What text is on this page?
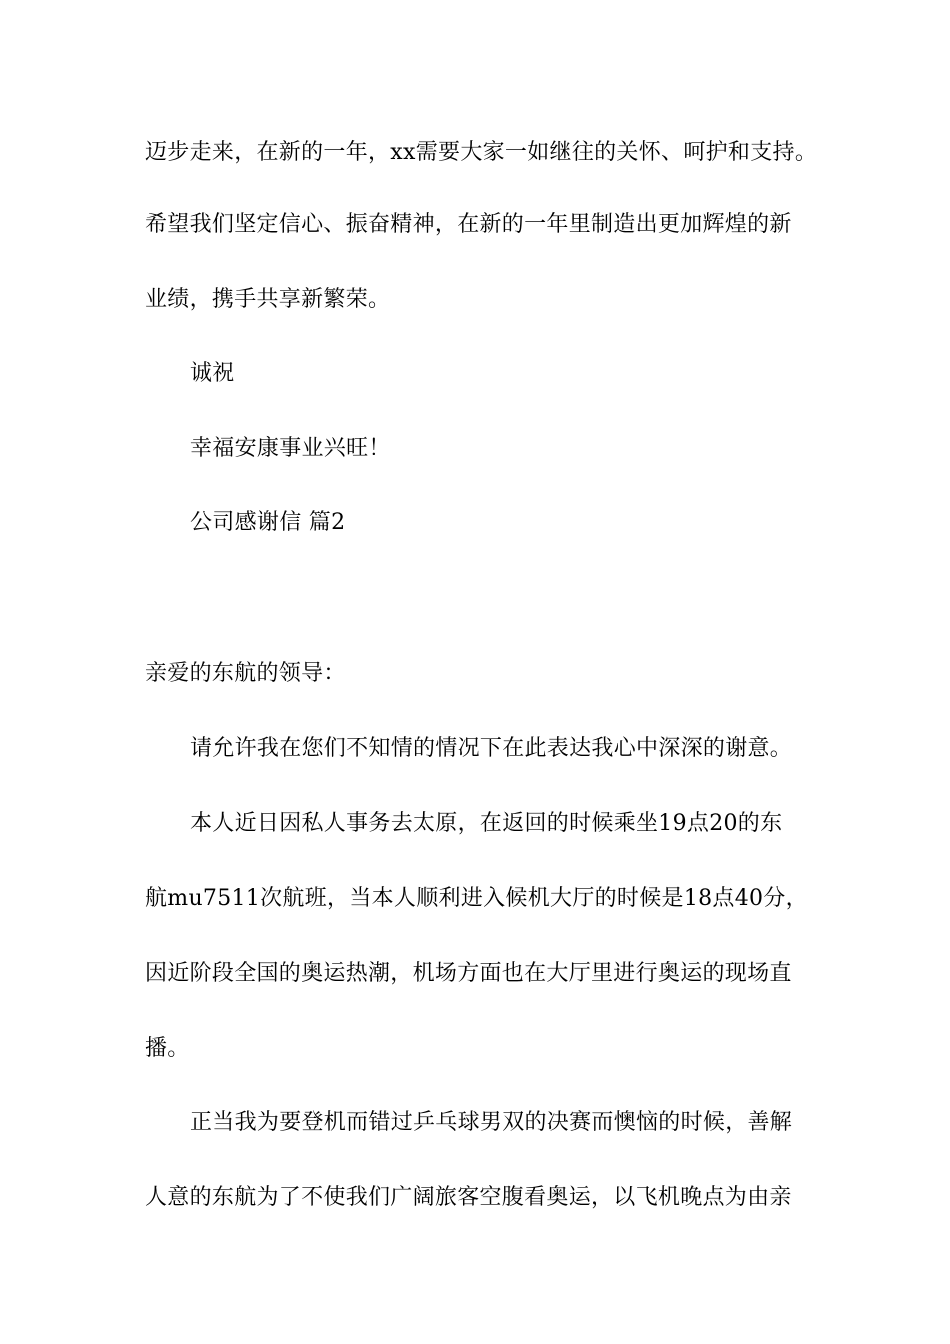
迈步走来，在新的一年，xx需要大家一如继往的关怀、呵护和支持。
希望我们坚定信心、振奋精神，在新的一年里制造出更加辉煌的新
业绩，携手共享新繁荣。
诚祝
幸福安康事业兴旺！
公司感谢信 篇2
亲爱的东航的领导：
请允许我在您们不知情的情况下在此表达我心中深深的谢意。
本人近日因私人事务去太原，在返回的时候乘坐19点20的东
航mu7511次航班，当本人顺利进入候机大厅的时候是18点40分，
因近阶段全国的奥运热潮，机场方面也在大厅里进行奥运的现场直
播。
正当我为要登机而错过乒乓球男双的决赛而懊恼的时候，善解
人意的东航为了不使我们广阔旅客空腹看奥运，以飞机晚点为由亲
